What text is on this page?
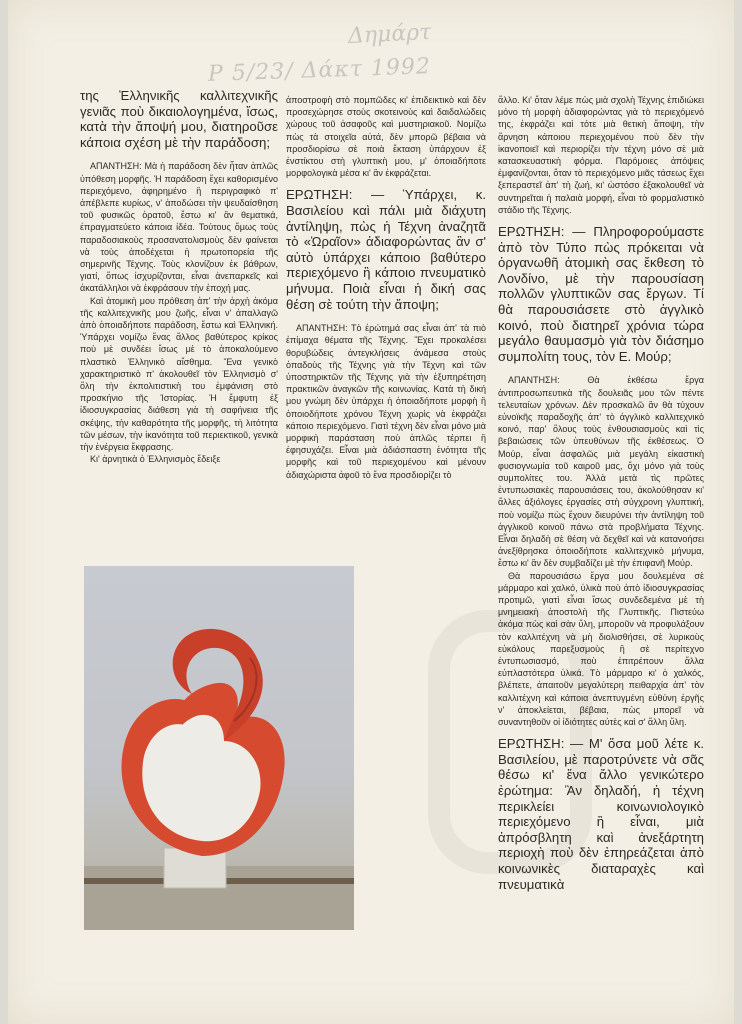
Δημάρτ
Ρ 5/23/ Δάκτ 1992

της Ἑλληνικῆς καλλιτεχνικῆς γενιᾶς ποὺ δικαιολογημένα, ἴσως, κατὰ τὴν ἄποψή μου, διατηροῦσε κάποια σχέση μὲ τὴν παράδοση;

ΑΠΑΝΤΗΣΗ: Μὰ ἡ παράδοση δὲν ἦταν ἁπλῶς ὑπόθεση μορφῆς. Ἡ παράδοση ἔχει καθορισμένο περιεχόμενο, ἀφηρημένο ἢ περιγραφικὸ π' ἀπέβλεπε κυρίως, ν' ἀποδώσει τὴν ψευδαίσθηση τοῦ φυσικῶς ὁρατοῦ, ἔστω κι' ἂν θεματικά, ἐπραγματεύετο κάποια ἰδέα. Τούτους ὅμως τοὺς παραδοσιακοὺς προσανατολισμοὺς δὲν φαίνεται νὰ τοὺς ἀποδέχεται ἡ πρωτοπορεία τῆς σημερινῆς Τέχνης. Τοὺς κλονίζουν ἐκ βάθρων, γιατί, ὅπως ἰσχυρίζονται, εἶναι ἀνεπαρκεῖς καὶ ἀκατάλληλοι νὰ ἐκφράσουν τὴν ἐποχή μας.

Καὶ ἀτομικὴ μου πρόθεση ἀπ' τὴν ἀρχὴ ἀκόμα τῆς καλλιτεχνικῆς μου ζωῆς, εἶναι ν' ἀπαλλαγῶ ἀπὸ ὁποιαδήποτε παράδοση, ἔστω καὶ Ἑλληνική. Ὑπάρχει νομίζω ἕνας ἄλλος βαθύτερος κρίκος ποὺ μὲ συνδέει ἴσως μὲ τὸ ἀποκαλούμενο πλαστικὸ Ἑλληνικὸ αἴσθημα. Ἕνα γενικὸ χαρακτηριστικὸ π' ἀκολουθεῖ τὸν Ἑλληνισμὸ σ' ὅλη τὴν ἐκπολιτιστικὴ του ἐμφάνιση στὸ προσκήνιο τῆς Ἱστορίας. Ἡ ἔμφυτη ἐξ ἰδιοσυγκρασίας διάθεση γιὰ τὴ σαφήνεια τῆς σκέψης, τὴν καθαρότητα τῆς μορφῆς, τὴ λιτότητα τῶν μέσων, τὴν ἱκανότητα τοῦ περιεκτικοῦ, γενικὰ τὴν ἐνέργεια ἔκφρασης.

Κι' ἀρνητικὰ ὁ Ἑλληνισμὸς ἔδειξε

ἀποστροφὴ στὸ πομπῶδες κι' ἐπιδεικτικὸ καὶ δὲν προσεχώρησε στοὺς σκοτεινοὺς καὶ δαιδαλώδεις χώρους τοῦ ἀσαφοῦς καὶ μυστηριακοῦ. Νομίζω πὼς τὰ στοιχεῖα αὐτά, δὲν μπορῶ βέβαια νὰ προσδιορίσω σὲ ποιὰ ἔκταση ὑπάρχουν ἐξ ἐνστίκτου στὴ γλυπτικὴ μου, μ' ὁποιαδήποτε μορφολογικὰ μέσα κι' ἂν ἐκφράζεται.

ΕΡΩΤΗΣΗ: — Ὑπάρχει, κ. Βασιλείου καὶ πάλι μιὰ διάχυτη ἀντίληψη, πὼς ἡ Τέχνη ἀναζητᾶ τὸ «Ὡραῖον» ἀδιαφορώντας ἂν σ' αὐτὸ ὑπάρχει κάποιο βαθύτερο περιεχόμενο ἢ κάποιο πνευματικὸ μήνυμα. Ποιὰ εἶναι ἡ δική σας θέση σὲ τούτη τὴν ἄποψη;

ΑΠΑΝΤΗΣΗ: Τὸ ἐρώτημά σας εἶναι ἀπ' τὰ πιὸ ἐπίμαχα θέματα τῆς Τέχνης. Ἔχει προκαλέσει θορυβώδεις ἀντεγκλήσεις ἀνάμεσα στοὺς ὀπαδοὺς τῆς Τέχνης γιὰ τὴν Τέχνη καὶ τῶν ὑποστηρικτῶν τῆς Τέχνης γιὰ τὴν ἐξυπηρέτηση πρακτικῶν ἀναγκῶν τῆς κοινωνίας. Κατὰ τὴ δική μου γνώμη δὲν ὑπάρχει ἡ ὁποιαδήποτε μορφὴ ἢ ὁποιοδήποτε χρόνου Τέχνη χωρὶς νὰ ἐκφράζει κάποιο περιεχόμενο. Γιατὶ τέχνη δὲν εἶναι μόνο μιὰ μορφικὴ παράσταση ποὺ ἁπλῶς τέρπει ἢ ἐφησυχάζει. Εἶναι μιὰ ἀδιάσπαστη ἑνότητα τῆς μορφῆς καὶ τοῦ περιεχομένου καὶ μένουν ἀδιαχώριστα ἀφοῦ τὸ ἕνα προσδιορίζει τὸ

ἄλλο. Κι' ὅταν λέμε πὼς μιὰ σχολὴ Τέχνης ἐπιδιώκει μόνο τὴ μορφὴ ἀδιαφορώντας γιὰ τὸ περιεχόμενό της, ἐκφράζει καὶ τότε μιὰ θετικὴ ἄποψη, τὴν ἄρνηση κάποιου περιεχομένου ποὺ δὲν τὴν ἱκανοποιεῖ καὶ περιορίζει τὴν τέχνη μόνο σὲ μιὰ κατασκευαστικὴ φόρμα. Παρόμοιες ἀπόψεις ἐμφανίζονται, ὅταν τὸ περιεχόμενο μιᾶς τάσεως ἔχει ξεπεραστεῖ ἀπ' τὴ ζωή, κι' ὡστόσο ἐξακολουθεῖ νὰ συντηρεῖται ἡ παλαιὰ μορφή, εἶναι τὸ φορμαλιστικὸ στάδιο τῆς Τέχνης.

ΕΡΩΤΗΣΗ: — Πληροφορούμαστε ἀπὸ τὸν Τύπο πὼς πρόκειται νὰ ὀργανωθῆ ἀτομικὴ σας ἔκθεση τὸ Λονδίνο, μὲ τὴν παρουσίαση πολλῶν γλυπτικῶν σας ἔργων. Τί θὰ παρουσιάσετε στὸ ἀγγλικὸ κοινό, ποὺ διατηρεῖ χρόνια τώρα μεγάλο θαυμασμὸ γιὰ τὸν διάσημο συμπολίτη τους, τὸν Ε. Μούρ;

ΑΠΑΝΤΗΣΗ: Θὰ ἐκθέσω ἔργα ἀντιπροσωπευτικὰ τῆς δουλειᾶς μου τῶν πέντε τελευταίων χρόνων. Δὲν προσκαλῶ ἂν θὰ τύχουν εὐνοϊκῆς παραδοχῆς ἀπ' τὸ ἀγγλικὸ καλλιτεχνικὸ κοινό, παρ' ὅλους τοὺς ἐνθουσιασμοὺς καὶ τὶς βεβαιώσεις τῶν ὑπευθύνων τῆς ἐκθέσεως. Ὁ Μούρ, εἶναι ἀσφαλῶς μιὰ μεγάλη εἰκαστικὴ φυσιογνωμία τοῦ καιροῦ μας, ὄχι μόνο γιὰ τοὺς συμπολίτες του. Ἀλλὰ μετὰ τὶς πρῶτες ἐντυπωσιακὲς παρουσιάσεις του, ἀκολούθησαν κι' ἄλλες ἀξιόλογες ἐργασίες στὴ σύγχρονη γλυπτική, ποὺ νομίζω πὼς ἔχουν διευρύνει τὴν ἀντίληψη τοῦ ἀγγλικοῦ κοινοῦ πάνω στὰ προβλήματα Τέχνης. Εἶναι δηλαδὴ σὲ θέση νὰ δεχθεῖ καὶ νὰ κατανοήσει ἀνεξίθρησκα ὁποιοδήποτε καλλιτεχνικὸ μήνυμα, ἔστω κι' ἂν δὲν συμβαδίζει μὲ τὴν ἐπιφανῆ Μούρ.

Θὰ παρουσιάσω ἔργα μου δουλεμένα σὲ μάρμαρο καὶ χαλκό, ὑλικὰ ποὺ ἀπὸ ἰδιοσυγκρασίας προτιμῶ, γιατὶ εἶναι ἴσως συνδεδεμένα μὲ τὴ μνημειακὴ ἀποστολὴ τῆς Γλυπτικῆς. Πιστεύω ἀκόμα πὼς καὶ σὰν ὕλη, μποροῦν νὰ προφυλάξουν τὸν καλλιτέχνη νὰ μὴ διολισθήσει, σὲ λυρικοὺς εὐκόλους παρεξυσμοὺς ἢ σὲ περίτεχνο ἐντυπωσιασμό, ποὺ ἐπιτρέπουν ἄλλα εὐπλαστότερα ὑλικά. Τὸ μάρμαρο κι' ὁ χαλκός, βλέπετε, ἀπαιτοῦν μεγαλύτερη πειθαρχία ἀπ' τὸν καλλιτέχνη καὶ κάποια ἀνεπτυγμένη εὐθύνη ἐργῆς ν' ἀποκλείεται, βέβαια, πὼς μπορεῖ νὰ συναντηθοῦν οἱ ἰδιότητες αὐτὲς καὶ σ' ἄλλη ὕλη.

ΕΡΩΤΗΣΗ: — Μ' ὅσα μοῦ λέτε κ. Βασιλείου, μὲ παροτρύνετε νὰ σᾶς θέσω κι' ἕνα ἄλλο γενικώτερο ἐρώτημα: Ἂν δηλαδή, ἡ τέχνη περικλείει κοινωνιολογικὸ περιεχόμενο ἢ εἶναι, μιὰ ἀπρόσβλητη καὶ ἀνεξάρτητη περιοχὴ ποὺ δὲν ἐπηρεάζεται ἀπὸ κοινωνικὲς διαταραχὲς καὶ πνευματικὰ
